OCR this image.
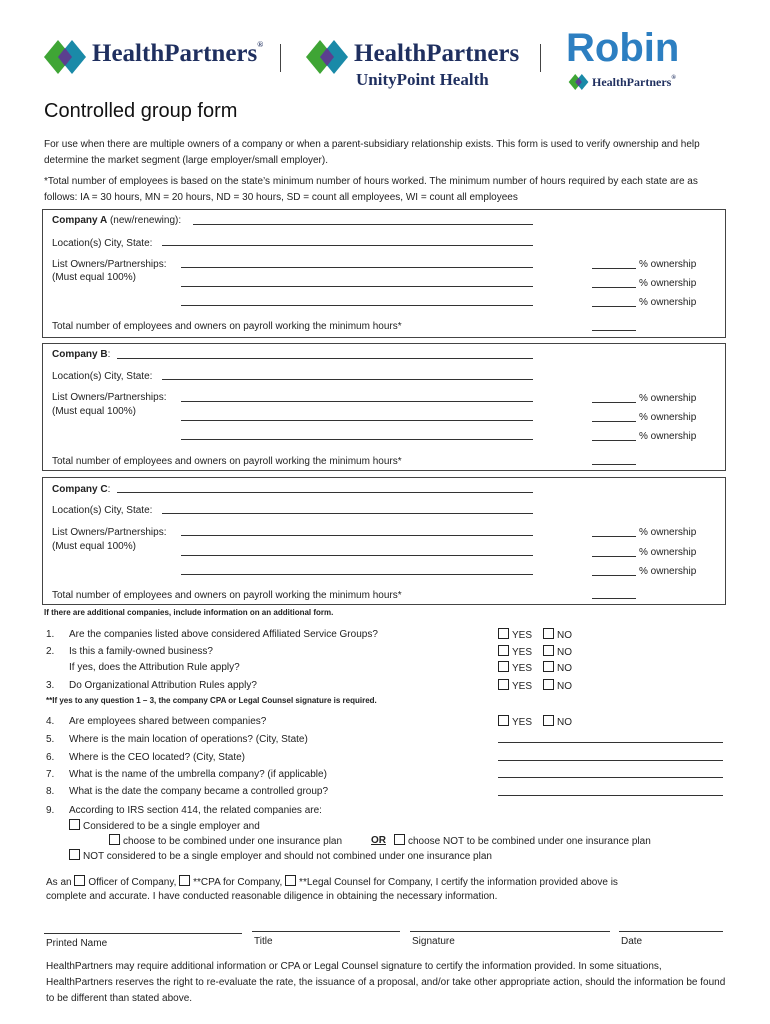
HealthPartners®	HealthPartners
UnityPoint Health
Robin
HealthPartners®
Controlled group form
For use when there are multiple owners of a company or when a parent-subsidiary relationship exists. This form is used to verify ownership and help determine the market segment (large employer/small employer).
*Total number of employees is based on the state’s minimum number of hours worked. The minimum number of hours required by each state are as follows: IA = 30 hours, MN = 20 hours, ND = 30 hours, SD = count all employees, WI = count all employees
Company A (new/renewing):
Location(s) City, State:
List Owners/Partnerships:
(Must equal 100%)
% ownership
% ownership
% ownership
Total number of employees and owners on payroll working the minimum hours*
Company B:
Location(s) City, State:
List Owners/Partnerships:
(Must equal 100%)
% ownership
% ownership
% ownership
Total number of employees and owners on payroll working the minimum hours*
Company C:
Location(s) City, State:
List Owners/Partnerships:
(Must equal 100%)
% ownership
% ownership
% ownership
Total number of employees and owners on payroll working the minimum hours*
If there are additional companies, include information on an additional form.
1. Are the companies listed above considered Affiliated Service Groups?	YES	NO
2. Is this a family-owned business?	YES	NO
If yes, does the Attribution Rule apply?	YES	NO
3. Do Organizational Attribution Rules apply?	YES	NO
**If yes to any question 1 – 3, the company CPA or Legal Counsel signature is required.
4. Are employees shared between companies?	YES	NO
5. Where is the main location of operations? (City, State)
6. Where is the CEO located? (City, State)
7. What is the name of the umbrella company? (if applicable)
8. What is the date the company became a controlled group?
9. According to IRS section 414, the related companies are:
Considered to be a single employer and
choose to be combined under one insurance plan	OR	choose NOT to be combined under one insurance plan
NOT considered to be a single employer and should not combined under one insurance plan
As an Officer of Company, **CPA for Company, **Legal Counsel for Company, I certify the information provided above is
complete and accurate. I have conducted reasonable diligence in obtaining the necessary information.
Printed Name	Title	Signature	Date
HealthPartners may require additional information or CPA or Legal Counsel signature to certify the information provided. In some situations, HealthPartners reserves the right to re-evaluate the rate, the issuance of a proposal, and/or take other appropriate action, should the information be found to be different than stated above.
